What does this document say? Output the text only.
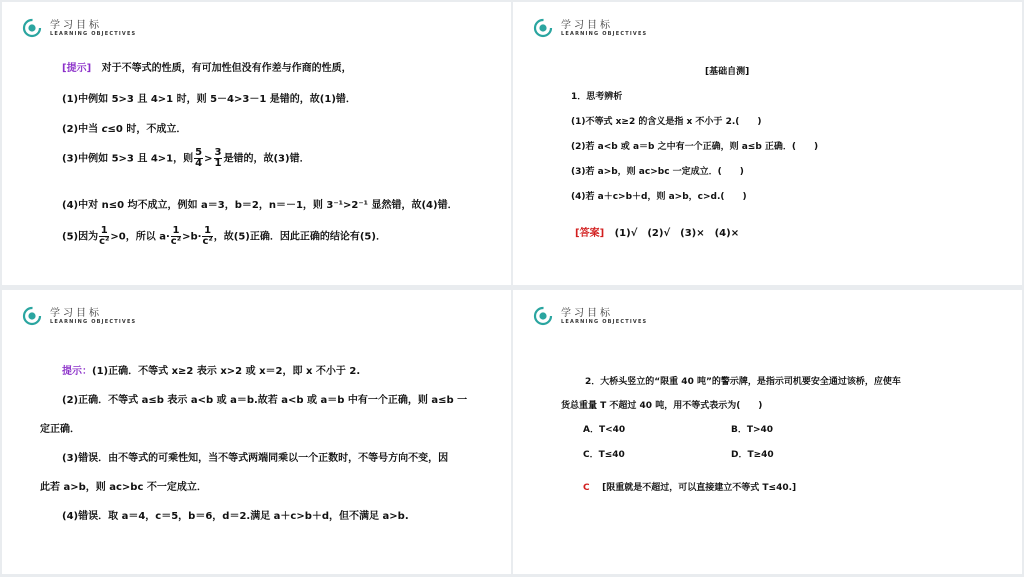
学习目标
LEARNING OBJECTIVES
[提示] 对于不等式的性质，有可加性但没有作差与作商的性质，
(1)中例如 5>3 且 4>1 时，则 5－4>3－1 是错的，故(1)错．
(2)中当 c≤0 时，不成立．
(3)中例如 5>3 且 4>1，则 $\frac{5}{4} > \frac{3}{1}$ 是错的，故(3)错．
(4)中对 n≤0 均不成立，例如 a＝3，b＝2，n＝－1，则 3⁻¹>2⁻¹ 显然错，故(4)错．
(5)因为 $\frac{1}{\text{c²}} >0$，所以 $a\cdot \frac{1}{\text{c²}} >b\cdot \frac{1}{\text{c²}}$ ，故(5)正确．因此正确的结论有(5)．
学习目标
LEARNING OBJECTIVES
[基础自测]
1．思考辨析
(1)不等式 x≥2 的含义是指 x 不小于 2.(　　)
(2)若 a<b 或 a＝b 之中有一个正确，则 a≤b 正确．(　　)
(3)若 a>b，则 ac>bc 一定成立．(　　)
(4)若 a＋c>b＋d，则 a>b，c>d.(　　)
[答案] (1)√　(2)√　(3)×　(4)×
学习目标
LEARNING OBJECTIVES
提示：(1)正确．不等式 x≥2 表示 x>2 或 x＝2，即 x 不小于 2.
(2)正确．不等式 a≤b 表示 a<b 或 a＝b.故若 a<b 或 a＝b 中有一个正确，则 a≤b 一
定正确．
(3)错误．由不等式的可乘性知，当不等式两端同乘以一个正数时，不等号方向不变，因
此若 a>b，则 ac>bc 不一定成立．
(4)错误．取 a＝4，c＝5，b＝6，d＝2.满足 a＋c>b＋d，但不满足 a>b.
学习目标
LEARNING OBJECTIVES
2．大桥头竖立的“限重 40 吨”的警示牌，是指示司机要安全通过该桥，应使车
货总重量 T 不超过 40 吨，用不等式表示为(　　)
A．T<40	B．T>40
C．T≤40	D．T≥40
C [限重就是不超过，可以直接建立不等式 T≤40.]
